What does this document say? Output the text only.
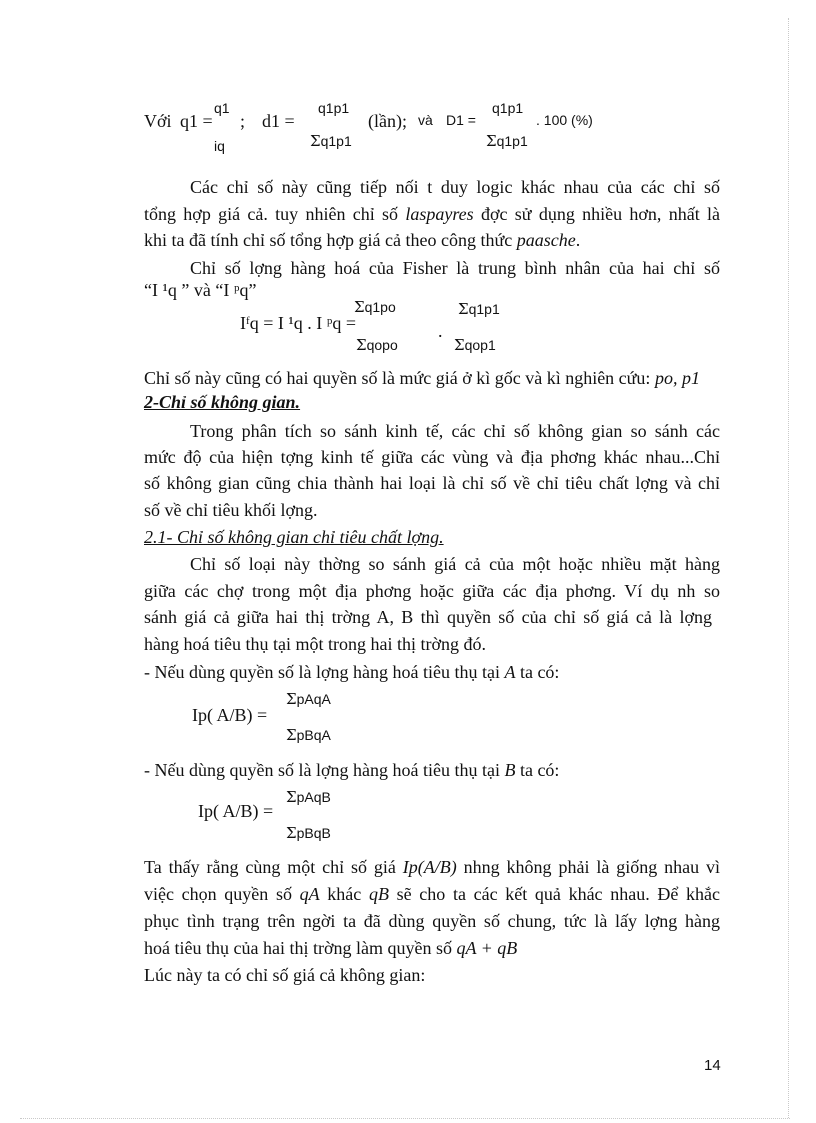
Với q1 =
q1
iq
; d1 =
q1p1
Σq1p1
(lần); và D1 =
q1p1
Σq1p1
. 100 (%)
Các chỉ số này cũng tiếp nối t duy logic khác nhau của các chỉ số
tổng hợp giá cả. tuy nhiên chỉ số laspayres đợc sử dụng nhiều hơn, nhất là
khi ta đã tính chỉ số tổng hợp giá cả theo công thức paasche.
Chỉ số lợng hàng hoá của Fisher là trung bình nhân của hai chỉ số
“I ¹q ” và “I ᵖq”
Iᶠq = I ¹q . I ᵖq =
Σq1po
Σqopo
.
Σq1p1
Σqop1
Chỉ số này cũng có hai quyền số là mức giá ở kì gốc và kì nghiên cứu: po, p1
2-Chỉ số không gian.
Trong phân tích so sánh kinh tế, các chỉ số không gian so sánh các
mức độ của hiện tợng kinh tế giữa các vùng và địa phơng khác nhau...Chỉ
số không gian cũng chia thành hai loại là chỉ số về chỉ tiêu chất lợng và chỉ
số về chỉ tiêu khối lợng.
2.1- Chỉ số không gian chỉ tiêu chất lợng.
Chỉ số loại này thờng so sánh giá cả của một hoặc nhiều mặt hàng
giữa các chợ trong một địa phơng hoặc giữa các địa phơng. Ví dụ nh so
sánh giá cả giữa hai thị trờng A, B thì quyền số của chỉ số giá cả là lợng
hàng hoá tiêu thụ tại một trong hai thị trờng đó.
- Nếu dùng quyền số là lợng hàng hoá tiêu thụ tại A ta có:
Ip( A/B) =
ΣpAqA
ΣpBqA
- Nếu dùng quyền số là lợng hàng hoá tiêu thụ tại B ta có:
Ip( A/B) =
ΣpAqB
ΣpBqB
Ta thấy rằng cùng một chỉ số giá Ip(A/B) nhng không phải là giống nhau vì
việc chọn quyền số qA khác qB sẽ cho ta các kết quả khác nhau. Để khắc
phục tình trạng trên ngời ta đã dùng quyền số chung, tức là lấy lợng hàng
hoá tiêu thụ của hai thị trờng làm quyền số qA + qB
Lúc này ta có chỉ số giá cả không gian:
14
